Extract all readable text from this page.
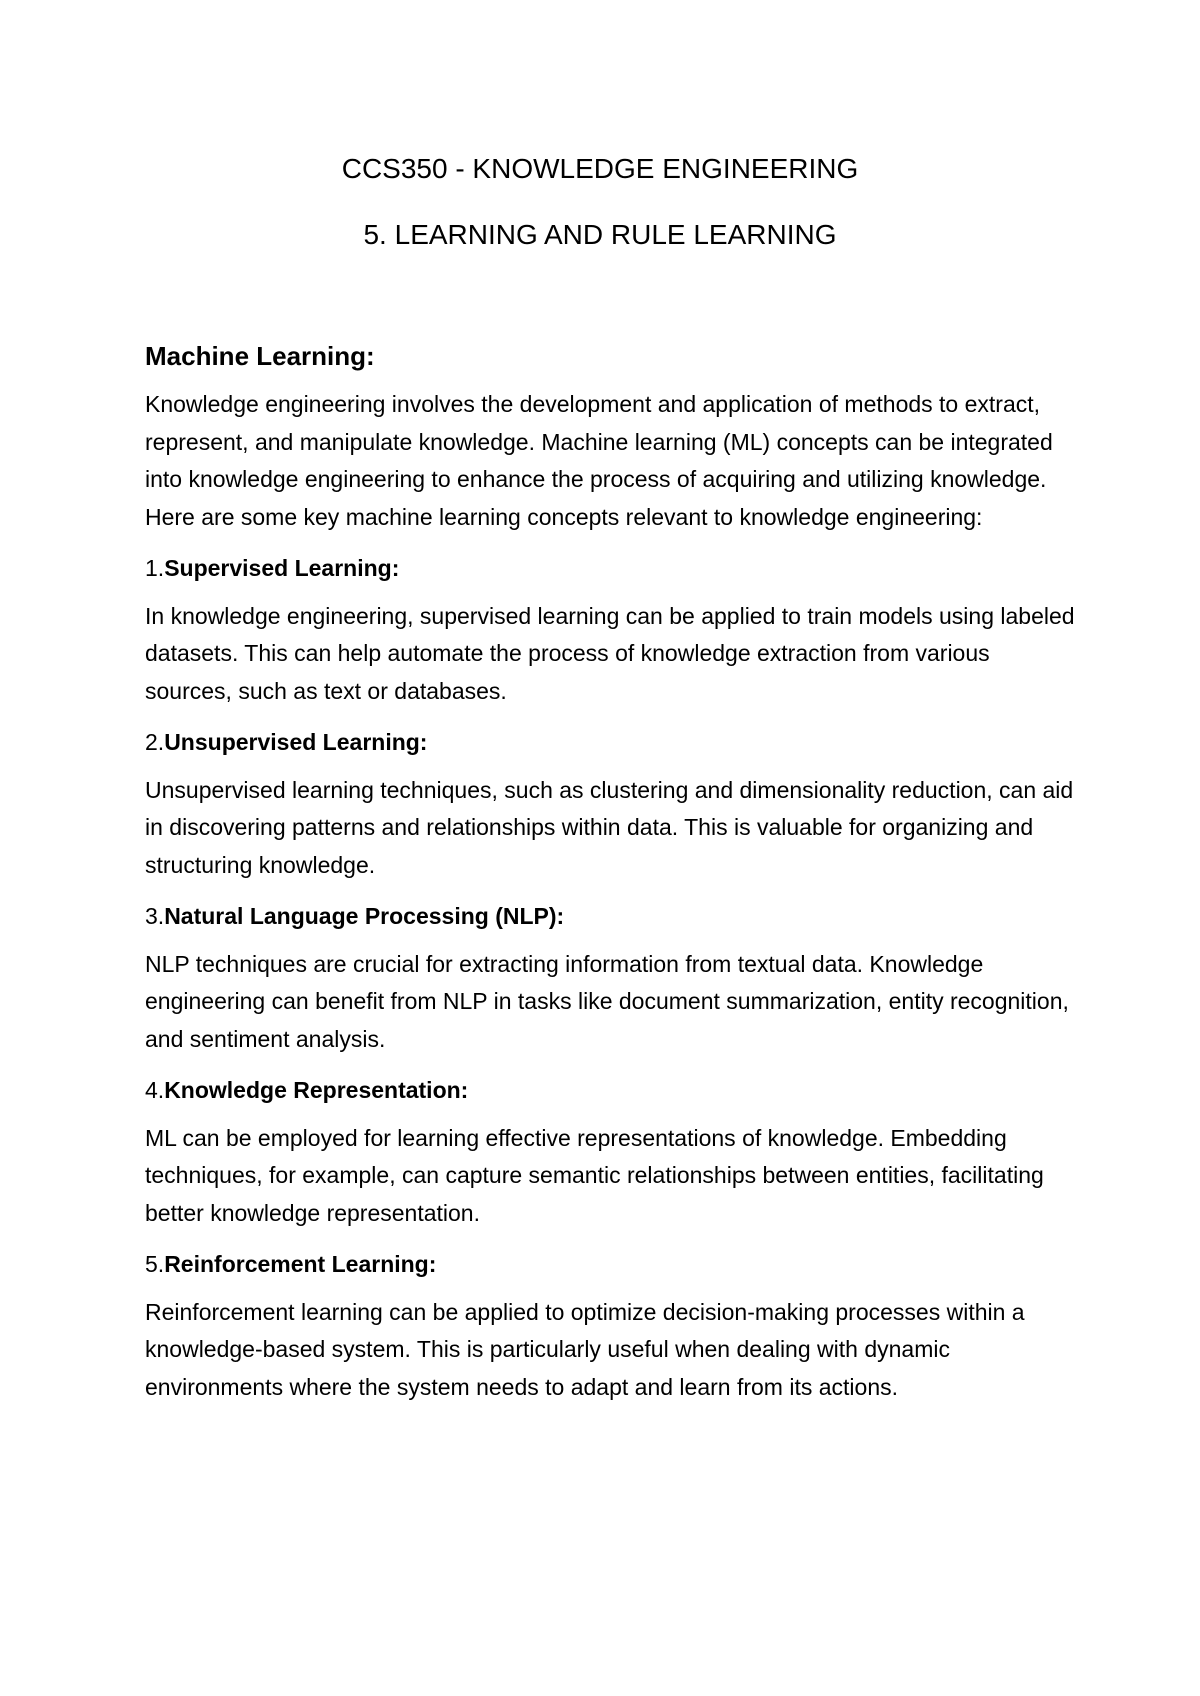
CCS350 - KNOWLEDGE ENGINEERING
5. LEARNING AND RULE LEARNING
Machine Learning:

Knowledge engineering involves the development and application of methods to extract, represent, and manipulate knowledge. Machine learning (ML) concepts can be integrated into knowledge engineering to enhance the process of acquiring and utilizing knowledge. Here are some key machine learning concepts relevant to knowledge engineering:

1.Supervised Learning:

In knowledge engineering, supervised learning can be applied to train models using labeled datasets. This can help automate the process of knowledge extraction from various sources, such as text or databases.

2.Unsupervised Learning:

Unsupervised learning techniques, such as clustering and dimensionality reduction, can aid in discovering patterns and relationships within data. This is valuable for organizing and structuring knowledge.

3.Natural Language Processing (NLP):

NLP techniques are crucial for extracting information from textual data. Knowledge engineering can benefit from NLP in tasks like document summarization, entity recognition, and sentiment analysis.

4.Knowledge Representation:

ML can be employed for learning effective representations of knowledge. Embedding techniques, for example, can capture semantic relationships between entities, facilitating better knowledge representation.

5.Reinforcement Learning:

Reinforcement learning can be applied to optimize decision-making processes within a knowledge-based system. This is particularly useful when dealing with dynamic environments where the system needs to adapt and learn from its actions.
